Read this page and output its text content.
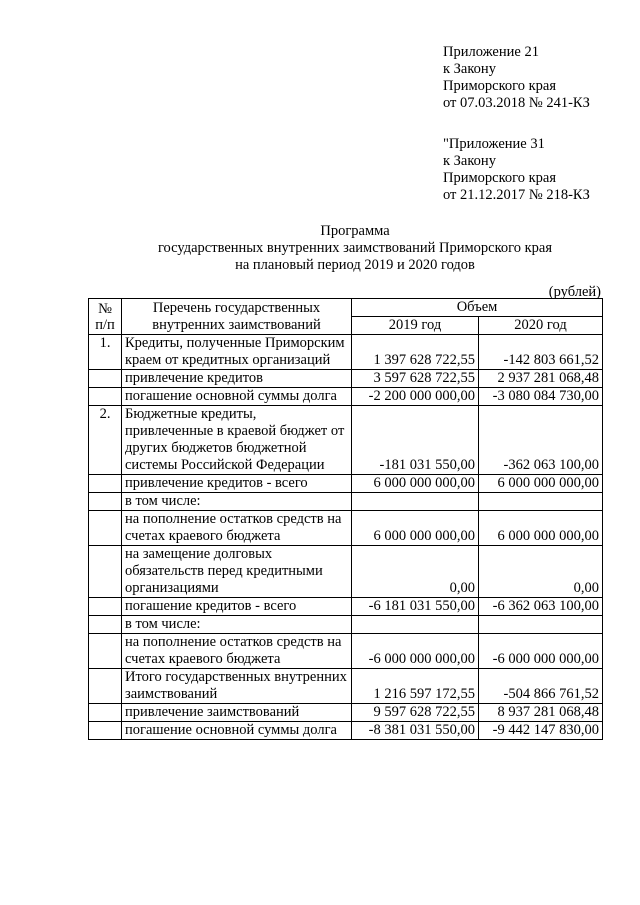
Приложение 21
к Закону
Приморского края
от 07.03.2018 № 241-КЗ
"Приложение 31
к Закону
Приморского края
от 21.12.2017 № 218-КЗ
Программа
государственных внутренних заимствований Приморского края
на плановый период 2019 и 2020 годов
(рублей)
№ п/п	Перечень государственных внутренних заимствований	Объем	
		2019 год	2020 год
1.	Кредиты, полученные Приморским краем от кредитных организаций	1 397 628 722,55	-142 803 661,52
	привлечение кредитов	3 597 628 722,55	2 937 281 068,48
	погашение основной суммы долга	-2 200 000 000,00	-3 080 084 730,00
2.	Бюджетные кредиты, привлеченные в краевой бюджет от других бюджетов бюджетной системы Российской Федерации	-181 031 550,00	-362 063 100,00
	привлечение кредитов - всего	6 000 000 000,00	6 000 000 000,00
	в том числе:		
	на пополнение остатков средств на счетах краевого бюджета	6 000 000 000,00	6 000 000 000,00
	на замещение долговых обязательств перед кредитными организациями	0,00	0,00
	погашение кредитов - всего	-6 181 031 550,00	-6 362 063 100,00
	в том числе:		
	на пополнение остатков средств на счетах краевого бюджета	-6 000 000 000,00	-6 000 000 000,00
	Итого государственных внутренних заимствований	1 216 597 172,55	-504 866 761,52
	привлечение заимствований	9 597 628 722,55	8 937 281 068,48
	погашение основной суммы долга	-8 381 031 550,00	-9 442 147 830,00
